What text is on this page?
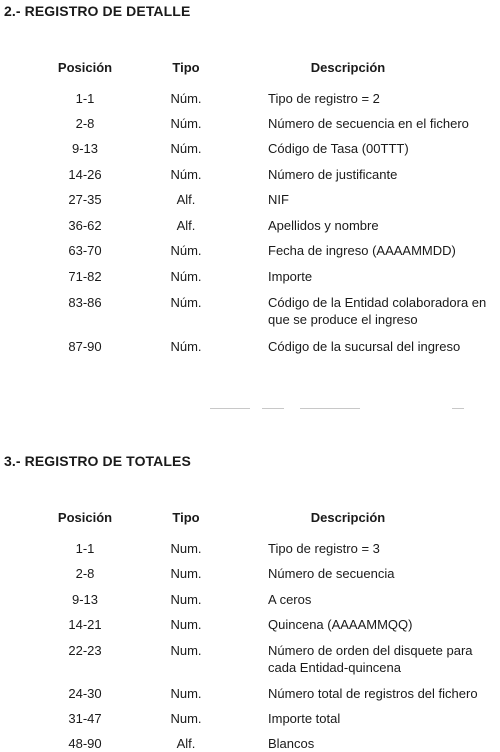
2.- REGISTRO DE DETALLE
Posición	Tipo	Descripción
1-1	Núm.	Tipo de registro = 2
2-8	Núm.	Número de secuencia en el fichero
9-13	Núm.	Código de Tasa (00TTT)
14-26	Núm.	Número de justificante
27-35	Alf.	NIF
36-62	Alf.	Apellidos y nombre
63-70	Núm.	Fecha de ingreso (AAAAMMDD)
71-82	Núm.	Importe
83-86	Núm.	Código de la Entidad colaboradora en que se produce el ingreso
87-90	Núm.	Código de la sucursal del ingreso
3.- REGISTRO DE TOTALES
Posición	Tipo	Descripción
1-1	Num.	Tipo de registro = 3
2-8	Num.	Número de secuencia
9-13	Num.	A ceros
14-21	Num.	Quincena (AAAAMMQQ)
22-23	Num.	Número de orden del disquete para cada Entidad-quincena
24-30	Num.	Número total de registros del fichero
31-47	Num.	Importe total
48-90	Alf.	Blancos
